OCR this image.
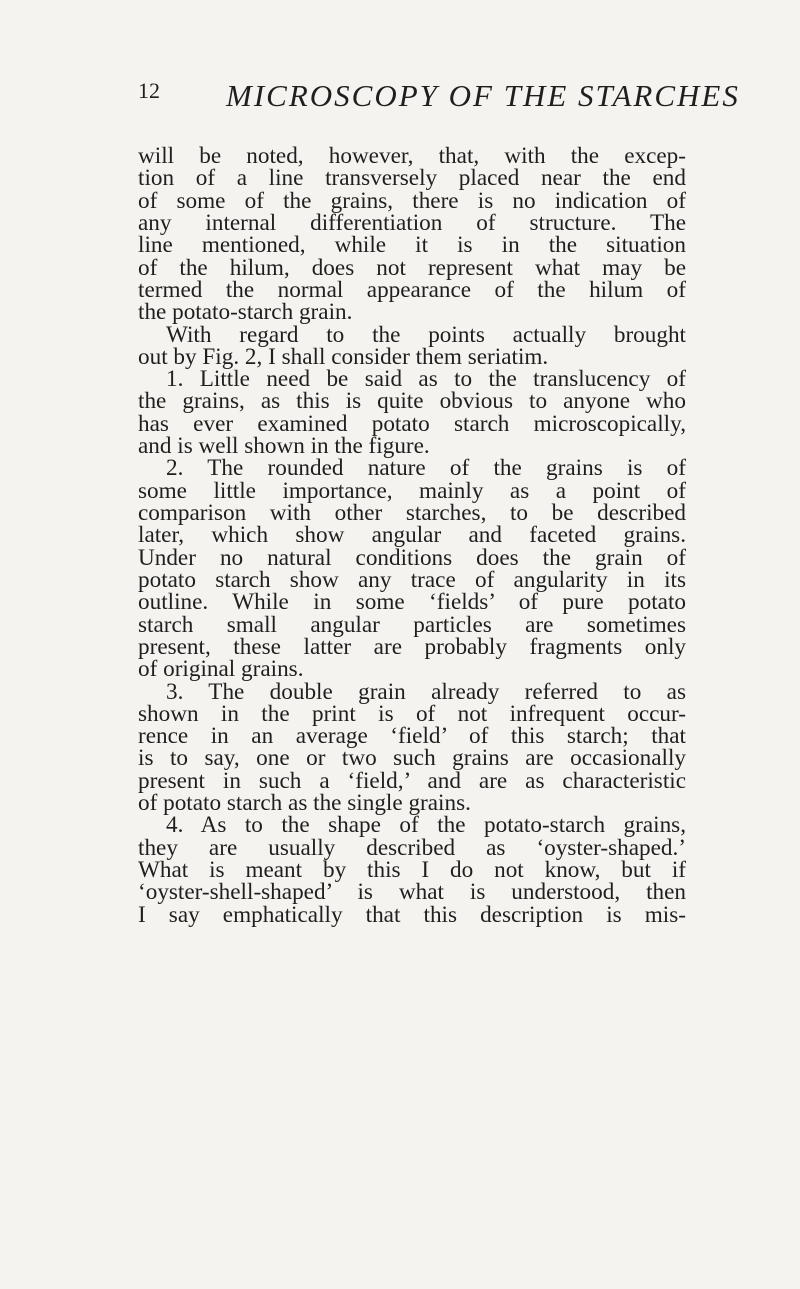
12 MICROSCOPY OF THE STARCHES
will be noted, however, that, with the excep-
tion of a line transversely placed near the end
of some of the grains, there is no indication of
any internal differentiation of structure. The
line mentioned, while it is in the situation
of the hilum, does not represent what may be
termed the normal appearance of the hilum of
the potato-starch grain.
With regard to the points actually brought
out by Fig. 2, I shall consider them seriatim.
1. Little need be said as to the translucency of
the grains, as this is quite obvious to anyone who
has ever examined potato starch microscopically,
and is well shown in the figure.
2. The rounded nature of the grains is of
some little importance, mainly as a point of
comparison with other starches, to be described
later, which show angular and faceted grains.
Under no natural conditions does the grain of
potato starch show any trace of angularity in its
outline. While in some ‘fields’ of pure potato
starch small angular particles are sometimes
present, these latter are probably fragments only
of original grains.
3. The double grain already referred to as
shown in the print is of not infrequent occur-
rence in an average ‘field’ of this starch; that
is to say, one or two such grains are occasionally
present in such a ‘field,’ and are as characteristic
of potato starch as the single grains.
4. As to the shape of the potato-starch grains,
they are usually described as ‘oyster-shaped.’
What is meant by this I do not know, but if
‘oyster-shell-shaped’ is what is understood, then
I say emphatically that this description is mis-
